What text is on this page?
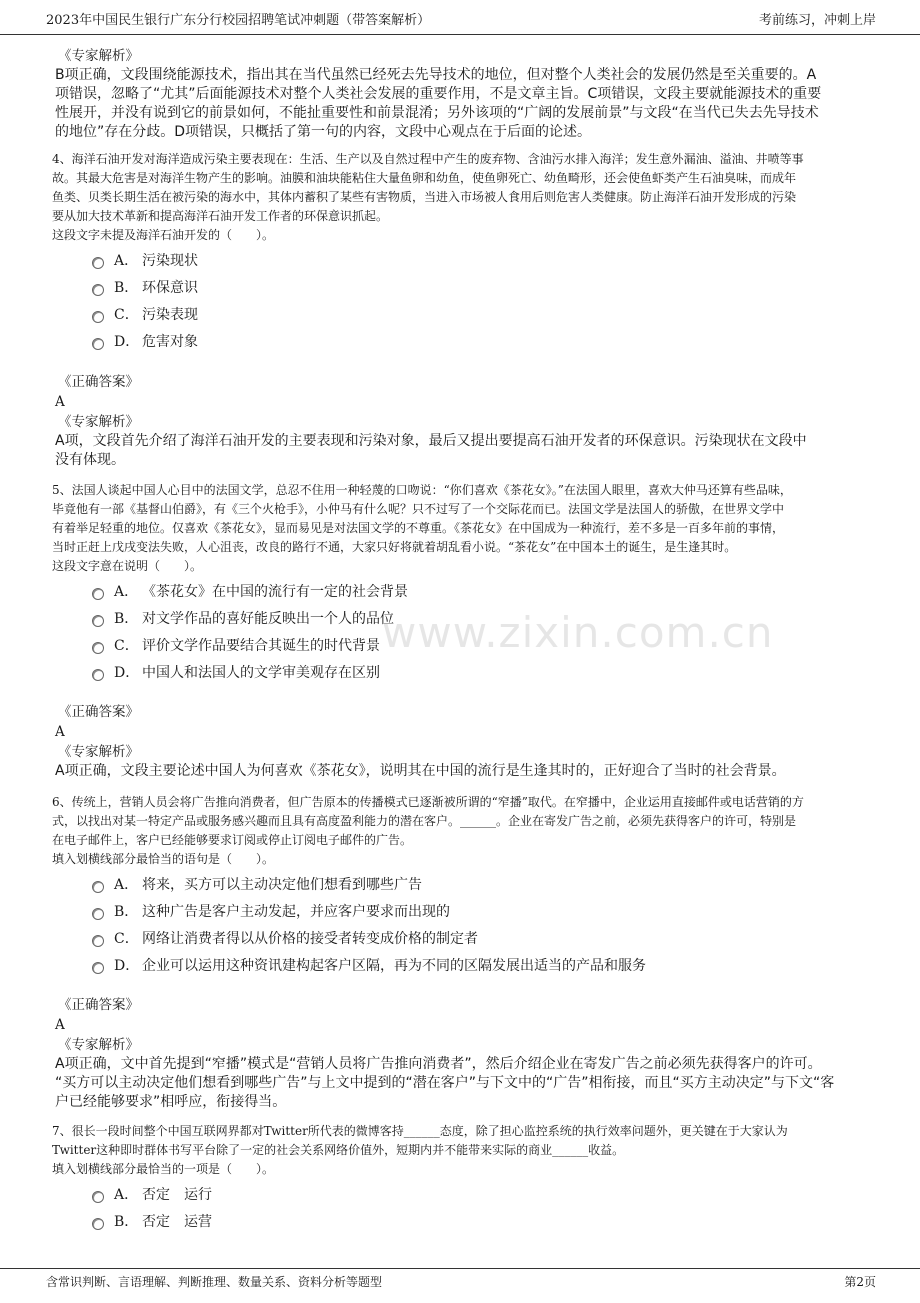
2023年中国民生银行广东分行校园招聘笔试冲刺题（带答案解析）	考前练习，冲刺上岸
www.zixin.com.cn
《专家解析》
B项正确，文段围绕能源技术，指出其在当代虽然已经死去先导技术的地位，但对整个人类社会的发展仍然是至关重要的。A
项错误，忽略了“尤其”后面能源技术对整个人类社会发展的重要作用，不是文章主旨。C项错误，文段主要就能源技术的重要
性展开，并没有说到它的前景如何，不能扯重要性和前景混淆；另外该项的“广阔的发展前景”与文段“在当代已失去先导技术
的地位”存在分歧。D项错误，只概括了第一句的内容，文段中心观点在于后面的论述。
4、海洋石油开发对海洋造成污染主要表现在：生活、生产以及自然过程中产生的废弃物、含油污水排入海洋；发生意外漏油、溢油、井喷等事
故。其最大危害是对海洋生物产生的影响。油膜和油块能粘住大量鱼卵和幼鱼，使鱼卵死亡、幼鱼畸形，还会使鱼虾类产生石油臭味，而成年
鱼类、贝类长期生活在被污染的海水中，其体内蓄积了某些有害物质，当进入市场被人食用后则危害人类健康。防止海洋石油开发形成的污染
要从加大技术革新和提高海洋石油开发工作者的环保意识抓起。
这段文字未提及海洋石油开发的（　　）。
A． 污染现状
B． 环保意识
C． 污染表现
D． 危害对象
《正确答案》
A
《专家解析》
A项，文段首先介绍了海洋石油开发的主要表现和污染对象，最后又提出要提高石油开发者的环保意识。污染现状在文段中
没有体现。
5、法国人谈起中国人心目中的法国文学，总忍不住用一种轻蔑的口吻说：“你们喜欢《茶花女》。”在法国人眼里，喜欢大仲马还算有些品味，
毕竟他有一部《基督山伯爵》，有《三个火枪手》，小仲马有什么呢？只不过写了一个交际花而已。法国文学是法国人的骄傲，在世界文学中
有着举足轻重的地位。仅喜欢《茶花女》，显而易见是对法国文学的不尊重。《茶花女》在中国成为一种流行，差不多是一百多年前的事情，
当时正赶上戊戌变法失败，人心沮丧，改良的路行不通，大家只好将就着胡乱看小说。“茶花女”在中国本土的诞生，是生逢其时。
这段文字意在说明（　　）。
A． 《茶花女》在中国的流行有一定的社会背景
B． 对文学作品的喜好能反映出一个人的品位
C． 评价文学作品要结合其诞生的时代背景
D． 中国人和法国人的文学审美观存在区别
《正确答案》
A
《专家解析》
A项正确，文段主要论述中国人为何喜欢《茶花女》，说明其在中国的流行是生逢其时的，正好迎合了当时的社会背景。
6、传统上，营销人员会将广告推向消费者，但广告原本的传播模式已逐渐被所谓的“窄播”取代。在窄播中，企业运用直接邮件或电话营销的方
式，以找出对某一特定产品或服务感兴趣而且具有高度盈利能力的潜在客户。______。企业在寄发广告之前，必须先获得客户的许可，特别是
在电子邮件上，客户已经能够要求订阅或停止订阅电子邮件的广告。
填入划横线部分最恰当的语句是（　　）。
A． 将来，买方可以主动决定他们想看到哪些广告
B． 这种广告是客户主动发起，并应客户要求而出现的
C． 网络让消费者得以从价格的接受者转变成价格的制定者
D． 企业可以运用这种资讯建构起客户区隔，再为不同的区隔发展出适当的产品和服务
《正确答案》
A
《专家解析》
A项正确，文中首先提到“窄播”模式是“营销人员将广告推向消费者”，然后介绍企业在寄发广告之前必须先获得客户的许可。
“买方可以主动决定他们想看到哪些广告”与上文中提到的“潜在客户”与下文中的“广告”相衔接，而且“买方主动决定”与下文“客
户已经能够要求”相呼应，衔接得当。
7、很长一段时间整个中国互联网界都对Twitter所代表的微博客持______态度，除了担心监控系统的执行效率问题外，更关键在于大家认为
Twitter这种即时群体书写平台除了一定的社会关系网络价值外，短期内并不能带来实际的商业______收益。
填入划横线部分最恰当的一项是（　　）。
A． 否定　运行
B． 否定　运营
含常识判断、言语理解、判断推理、数量关系、资料分析等题型	第2页
